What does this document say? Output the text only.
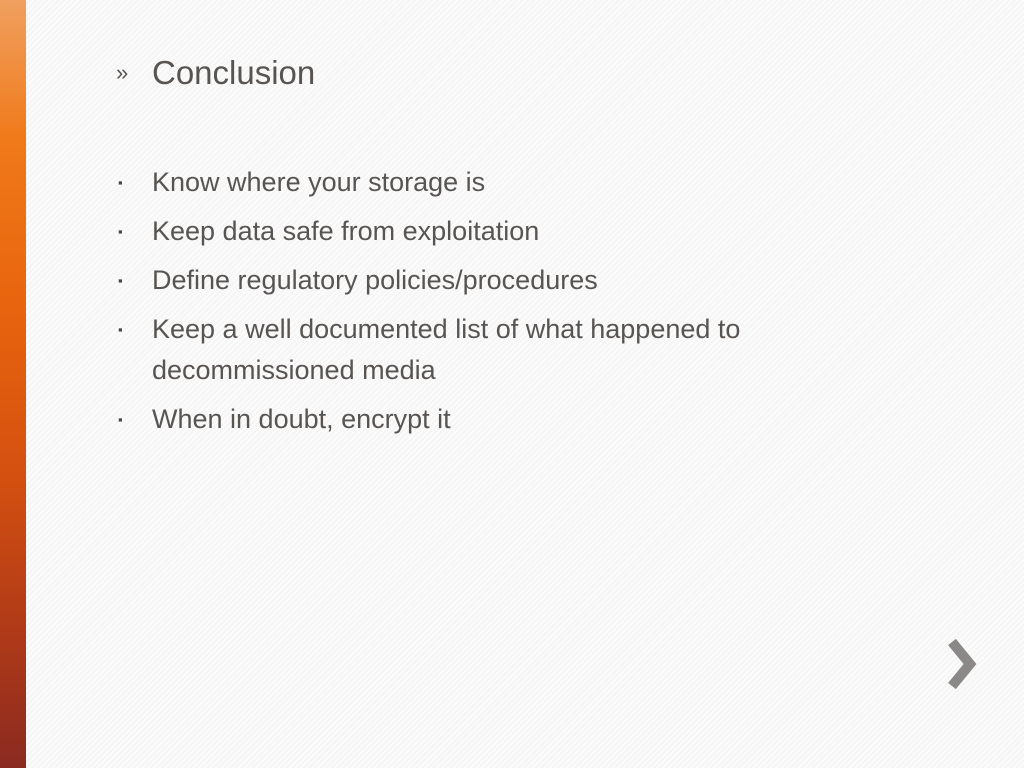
» Conclusion
▪	Know where your storage is
▪	Keep data safe from exploitation
▪	Define regulatory policies/procedures
▪	Keep a well documented list of what happened to decommissioned media
▪	When in doubt, encrypt it
